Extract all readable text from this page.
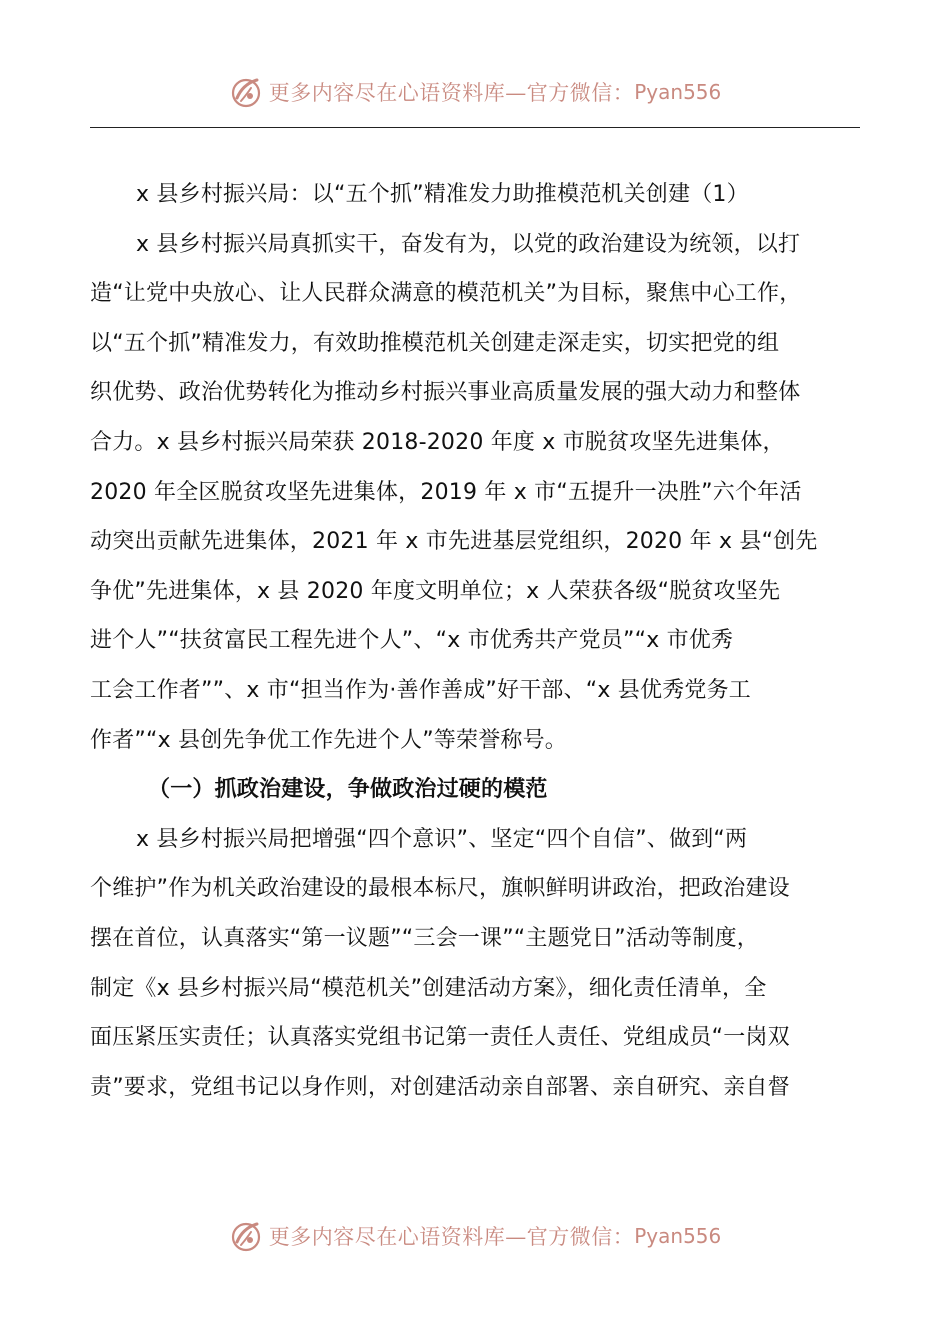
更多内容尽在心语资料库—官方微信： Pyan556
x 县乡村振兴局：以“五个抓”精准发力助推模范机关创建（1）
x 县乡村振兴局真抓实干，奋发有为，以党的政治建设为统领，以打
造“让党中央放心、让人民群众满意的模范机关”为目标，聚焦中心工作，
以“五个抓”精准发力，有效助推模范机关创建走深走实，切实把党的组
织优势、政治优势转化为推动乡村振兴事业高质量发展的强大动力和整体
合力。x 县乡村振兴局荣获 2018-2020 年度 x 市脱贫攻坚先进集体，
2020 年全区脱贫攻坚先进集体，2019 年 x 市“五提升一决胜”六个年活
动突出贡献先进集体，2021 年 x 市先进基层党组织，2020 年 x 县“创先
争优”先进集体，x 县 2020 年度文明单位；x 人荣获各级“脱贫攻坚先
进个人”“扶贫富民工程先进个人”、“x 市优秀共产党员”“x 市优秀
工会工作者””、x 市“担当作为·善作善成”好干部、“x 县优秀党务工
作者”“x 县创先争优工作先进个人”等荣誉称号。
（一）抓政治建设，争做政治过硬的模范
x 县乡村振兴局把增强“四个意识”、坚定“四个自信”、做到“两
个维护”作为机关政治建设的最根本标尺，旗帜鲜明讲政治，把政治建设
摆在首位，认真落实“第一议题”“三会一课”“主题党日”活动等制度，
制定《x 县乡村振兴局“模范机关”创建活动方案》，细化责任清单，全
面压紧压实责任；认真落实党组书记第一责任人责任、党组成员“一岗双
责”要求，党组书记以身作则，对创建活动亲自部署、亲自研究、亲自督
更多内容尽在心语资料库—官方微信： Pyan556
